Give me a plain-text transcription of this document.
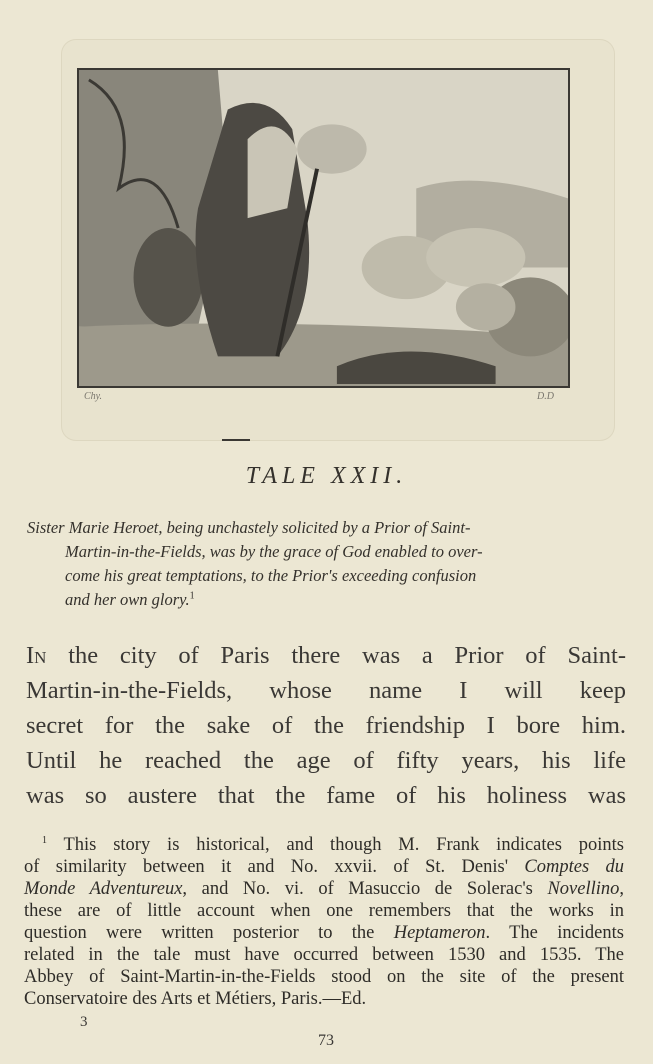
Chy.	D.D
TALE XXII.
Sister Marie Heroet, being unchastely solicited by a Prior of Saint-
Martin-in-the-Fields, was by the grace of God enabled to over-
come his great temptations, to the Prior's exceeding confusion
and her own glory.$^1$
In the city of Paris there was a Prior of Saint-
Martin-in-the-Fields, whose name I will keep
secret for the sake of the friendship I bore him.
Until he reached the age of fifty years, his life
was so austere that the fame of his holiness was
$^1$ This story is historical, and though M. Frank indicates points
of similarity between it and No. xxvii. of St. Denis' Comptes du
Monde Adventureux, and No. vi. of Masuccio de Solerac's Novellino,
these are of little account when one remembers that the works in
question were written posterior to the Heptameron. The incidents
related in the tale must have occurred between 1530 and 1535. The
Abbey of Saint-Martin-in-the-Fields stood on the site of the present
Conservatoire des Arts et Métiers, Paris.—Ed.
3
73
